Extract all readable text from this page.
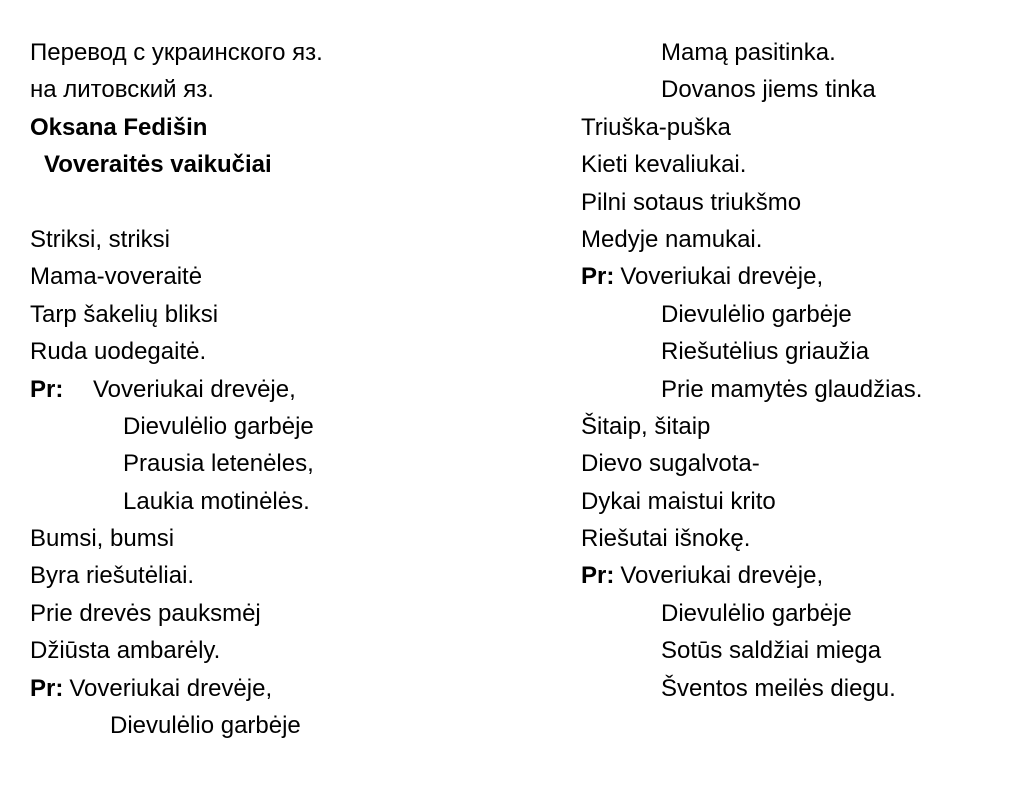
Перевод с украинского яз.
на литовский яз.
Oksana Fedišin
Voveraitės vaikučiai
Striksi, striksi
Mama-voveraitė
Tarp šakelių bliksi
Ruda uodegaitė.
Pr: Voveriukai drevėje,
Dievulėlio garbėje
Prausia letenėles,
Laukia motinėlės.
Bumsi, bumsi
Byra riešutėliai.
Prie drevės pauksmėj
Džiūsta ambarėly.
Pr: Voveriukai drevėje,
Dievulėlio garbėje
Mamą pasitinka.
Dovanos jiems tinka
Triuška-puška
Kieti kevaliukai.
Pilni sotaus triukšmo
Medyje namukai.
Pr: Voveriukai drevėje,
Dievulėlio garbėje
Riešutėlius griaužia
Prie mamytės glaudžias.
Šitaip, šitaip
Dievo sugalvota-
Dykai maistui krito
Riešutai išnokę.
Pr: Voveriukai drevėje,
Dievulėlio garbėje
Sotūs saldžiai miega
Šventos meilės diegu.
